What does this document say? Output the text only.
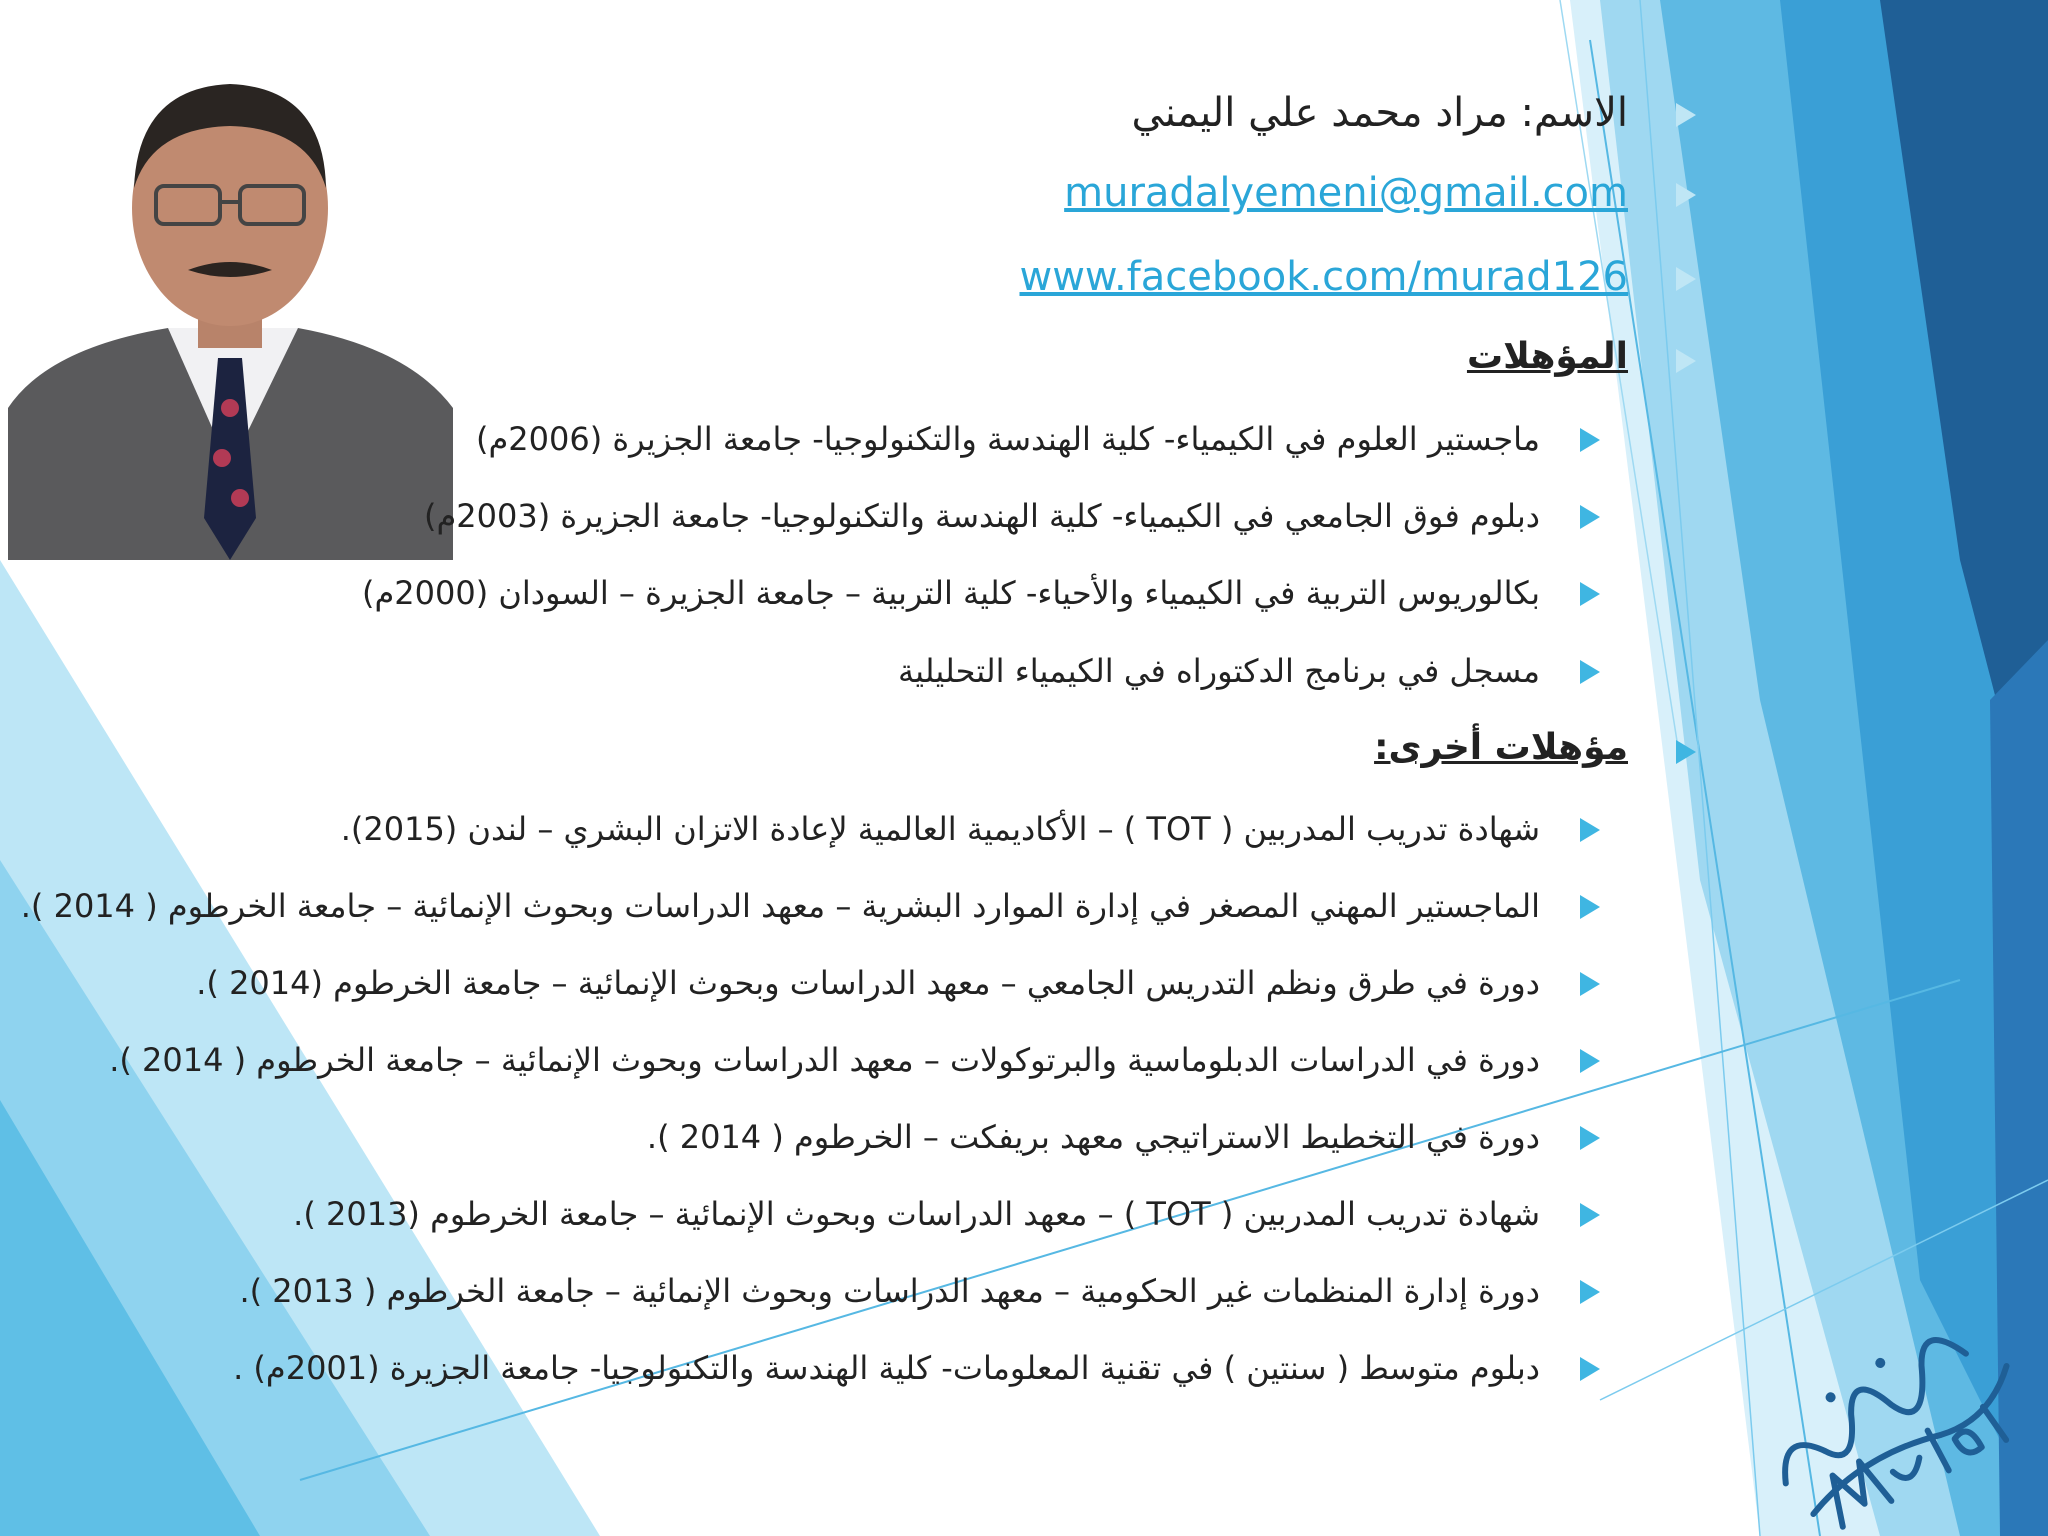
الاسم: مراد محمد علي اليمني
muradalyemeni@gmail.com
www.facebook.com/murad126
المؤهلات
ماجستير العلوم في الكيمياء- كلية الهندسة والتكنولوجيا- جامعة الجزيرة (2006م)
دبلوم فوق الجامعي في الكيمياء- كلية الهندسة والتكنولوجيا- جامعة الجزيرة (2003م)
بكالوريوس التربية في الكيمياء والأحياء- كلية التربية – جامعة الجزيرة – السودان (2000م)
مسجل في برنامج الدكتوراه في الكيمياء التحليلية
مؤهلات أخرى:
شهادة تدريب المدربين ( TOT ) – الأكاديمية العالمية لإعادة الاتزان البشري – لندن (2015).
الماجستير المهني المصغر في إدارة الموارد البشرية – معهد الدراسات وبحوث الإنمائية – جامعة الخرطوم ( 2014 ).
دورة في طرق ونظم التدريس الجامعي – معهد الدراسات وبحوث الإنمائية – جامعة الخرطوم (2014 ).
دورة في الدراسات الدبلوماسية والبرتوكولات – معهد الدراسات وبحوث الإنمائية – جامعة الخرطوم ( 2014 ).
دورة في التخطيط الاستراتيجي معهد بريفكت – الخرطوم ( 2014 ).
شهادة تدريب المدربين ( TOT ) – معهد الدراسات وبحوث الإنمائية – جامعة الخرطوم (2013 ).
دورة إدارة المنظمات غير الحكومية – معهد الدراسات وبحوث الإنمائية – جامعة الخرطوم ( 2013 ).
دبلوم متوسط ( سنتين ) في تقنية المعلومات- كلية الهندسة والتكنولوجيا- جامعة الجزيرة (2001م) .
